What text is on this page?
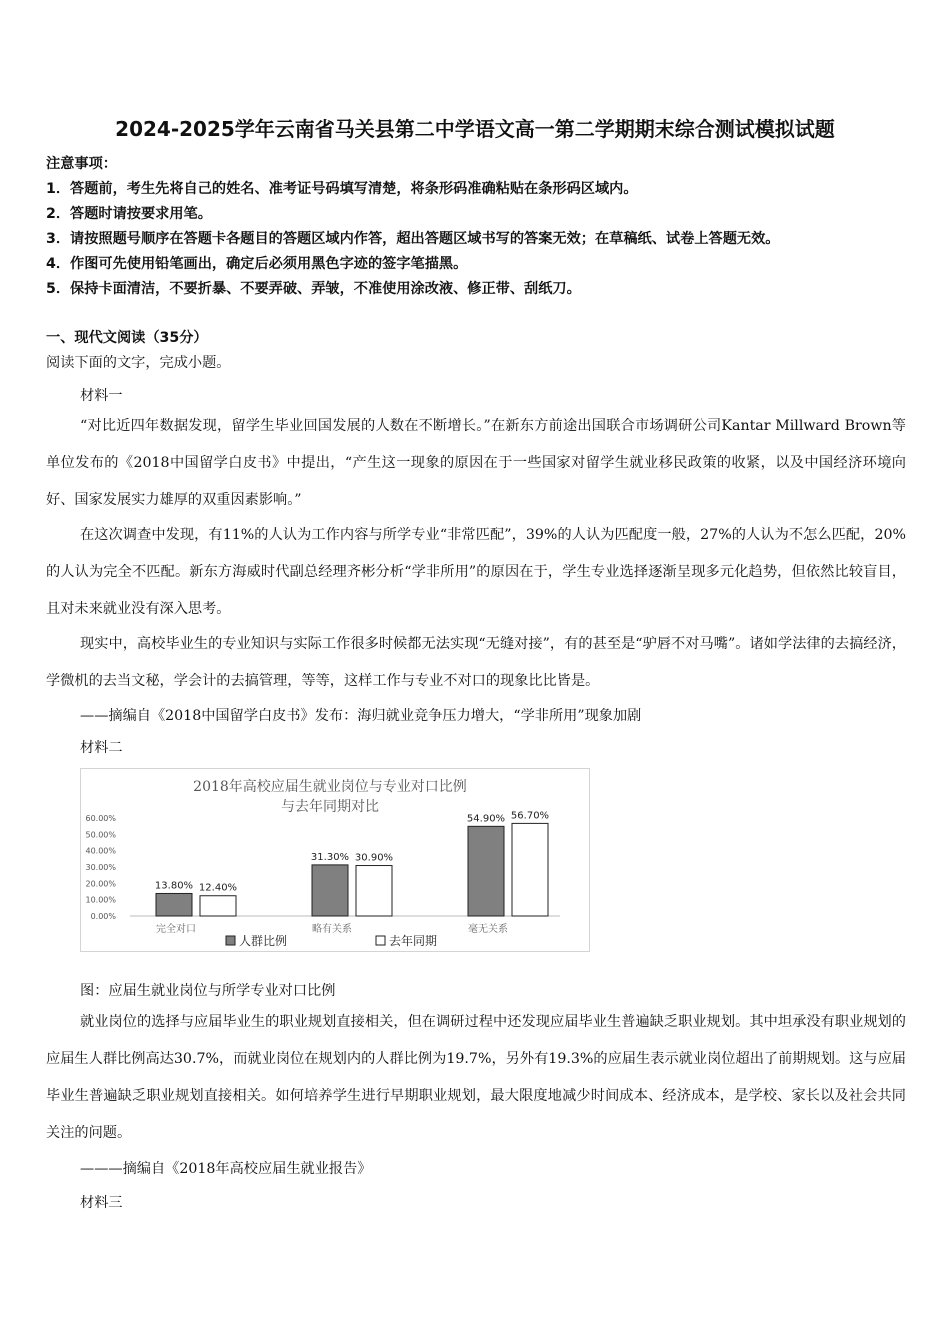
2024-2025学年云南省马关县第二中学语文高一第二学期期末综合测试模拟试题
注意事项：
1．答题前，考生先将自己的姓名、准考证号码填写清楚，将条形码准确粘贴在条形码区域内。
2．答题时请按要求用笔。
3．请按照题号顺序在答题卡各题目的答题区域内作答，超出答题区域书写的答案无效；在草稿纸、试卷上答题无效。
4．作图可先使用铅笔画出，确定后必须用黑色字迹的签字笔描黑。
5．保持卡面清洁，不要折暴、不要弄破、弄皱，不准使用涂改液、修正带、刮纸刀。
一、现代文阅读（35分）
阅读下面的文字，完成小题。
材料一
“对比近四年数据发现，留学生毕业回国发展的人数在不断增长。”在新东方前途出国联合市场调研公司Kantar Millward Brown等单位发布的《2018中国留学白皮书》中提出，“产生这一现象的原因在于一些国家对留学生就业移民政策的收紧，以及中国经济环境向好、国家发展实力雄厚的双重因素影响。”
在这次调查中发现，有11%的人认为工作内容与所学专业“非常匹配”，39%的人认为匹配度一般，27%的人认为不怎么匹配，20%的人认为完全不匹配。新东方海威时代副总经理齐彬分析“学非所用”的原因在于，学生专业选择逐渐呈现多元化趋势，但依然比较盲目，且对未来就业没有深入思考。
现实中，高校毕业生的专业知识与实际工作很多时候都无法实现“无缝对接”，有的甚至是“驴唇不对马嘴”。诸如学法律的去搞经济，学微机的去当文秘，学会计的去搞管理，等等，这样工作与专业不对口的现象比比皆是。
——摘编自《2018中国留学白皮书》发布：海归就业竞争压力增大，“学非所用”现象加剧
材料二
2018年高校应届生就业岗位与专业对口比例
与去年同期对比
0.00%
10.00%
20.00%
30.00%
40.00%
50.00%
60.00%
13.80% 12.40%
31.30% 30.90%
54.90% 56.70%
完全对口	略有关系	毫无关系
人群比例	去年同期
图：应届生就业岗位与所学专业对口比例
就业岗位的选择与应届毕业生的职业规划直接相关，但在调研过程中还发现应届毕业生普遍缺乏职业规划。其中坦承没有职业规划的应届生人群比例高达30.7%，而就业岗位在规划内的人群比例为19.7%，另外有19.3%的应届生表示就业岗位超出了前期规划。这与应届毕业生普遍缺乏职业规划直接相关。如何培养学生进行早期职业规划，最大限度地减少时间成本、经济成本，是学校、家长以及社会共同关注的问题。
———摘编自《2018年高校应届生就业报告》
材料三
